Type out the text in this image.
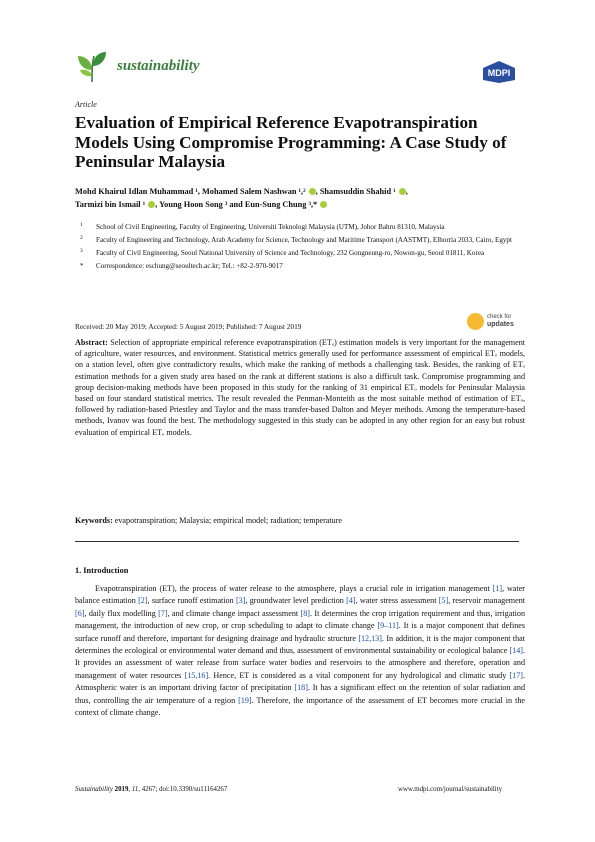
sustainability	MDPI
Article
Evaluation of Empirical Reference Evapotranspiration Models Using Compromise Programming: A Case Study of Peninsular Malaysia

Mohd Khairul Idlan Muhammad ¹, Mohamed Salem Nashwan ¹,² , Shamsuddin Shahid ¹ ,
Tarmizi bin Ismail ¹ , Young Hoon Song ³ and Eun-Sung Chung ³,*

1 School of Civil Engineering, Faculty of Engineering, Universiti Teknologi Malaysia (UTM), Johor Bahru 81310, Malaysia
2 Faculty of Engineering and Technology, Arab Academy for Science, Technology and Maritime Transport (AASTMT), Elhorria 2033, Cairo, Egypt
3 Faculty of Civil Engineering, Seoul National University of Science and Technology, 232 Gongneung-ro, Nowon-gu, Seoul 01811, Korea
* Correspondence: eschung@seoultech.ac.kr; Tel.: +82-2-970-9017
Received: 20 May 2019; Accepted: 5 August 2019; Published: 7 August 2019
check for
updates

Abstract: Selection of appropriate empirical reference evapotranspiration (ETₒ) estimation models is very important for the management of agriculture, water resources, and environment. Statistical metrics generally used for performance assessment of empirical ETₒ models, on a station level, often give contradictory results, which make the ranking of methods a challenging task. Besides, the ranking of ETₒ estimation methods for a given study area based on the rank at different stations is also a difficult task. Compromise programming and group decision-making methods have been proposed in this study for the ranking of 31 empirical ETₒ models for Peninsular Malaysia based on four standard statistical metrics. The result revealed the Penman-Monteith as the most suitable method of estimation of ETₒ, followed by radiation-based Priestley and Taylor and the mass transfer-based Dalton and Meyer methods. Among the temperature-based methods, Ivanov was found the best. The methodology suggested in this study can be adopted in any other region for an easy but robust evaluation of empirical ETₒ models.

Keywords: evapotranspiration; Malaysia; empirical model; radiation; temperature

1. Introduction

Evapotranspiration (ET), the process of water release to the atmosphere, plays a crucial role in irrigation management [1], water balance estimation [2], surface runoff estimation [3], groundwater level prediction [4], water stress assessment [5], reservoir management [6], daily flux modelling [7], and climate change impact assessment [8]. It determines the crop irrigation requirement and thus, irrigation management, the introduction of new crop, or crop scheduling to adapt to climate change [9–11]. It is a major component that defines surface runoff and therefore, important for designing drainage and hydraulic structure [12,13]. In addition, it is the major component that determines the ecological or environmental water demand and thus, assessment of environmental sustainability or ecological balance [14]. It provides an assessment of water release from surface water bodies and reservoirs to the atmosphere and therefore, operation and management of water resources [15,16]. Hence, ET is considered as a vital component for any hydrological and climatic study [17]. Atmospheric water is an important driving factor of precipitation [18]. It has a significant effect on the retention of solar radiation and thus, controlling the air temperature of a region [19]. Therefore, the importance of the assessment of ET becomes more crucial in the context of climate change.

Sustainability 2019, 11, 4267; doi:10.3390/su11164267	www.mdpi.com/journal/sustainability
